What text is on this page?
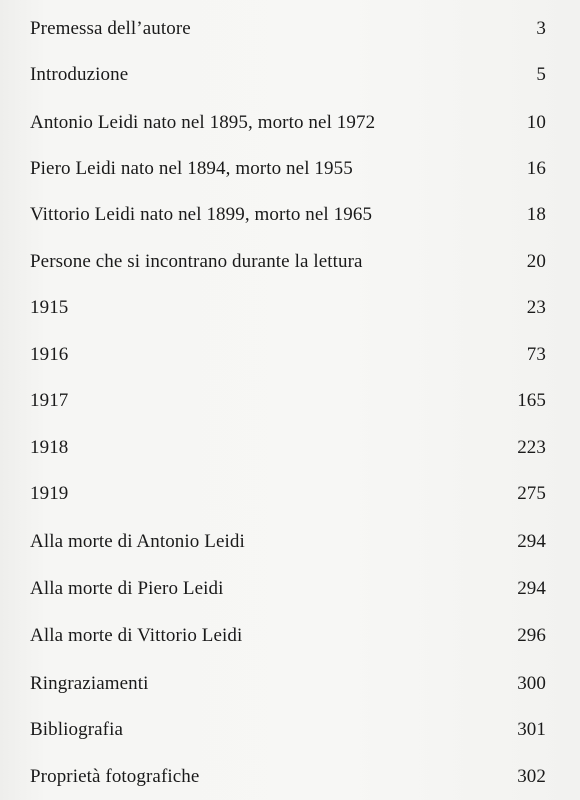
Premessa dell’autore	3
Introduzione	5
Antonio Leidi nato nel 1895, morto nel 1972	10
Piero Leidi nato nel 1894, morto nel 1955	16
Vittorio Leidi nato nel 1899, morto nel 1965	18
Persone che si incontrano durante la lettura	20
1915	23
1916	73
1917	165
1918	223
1919	275
Alla morte di Antonio Leidi	294
Alla morte di Piero Leidi	294
Alla morte di Vittorio Leidi	296
Ringraziamenti	300
Bibliografia	301
Proprietà fotografiche	302
